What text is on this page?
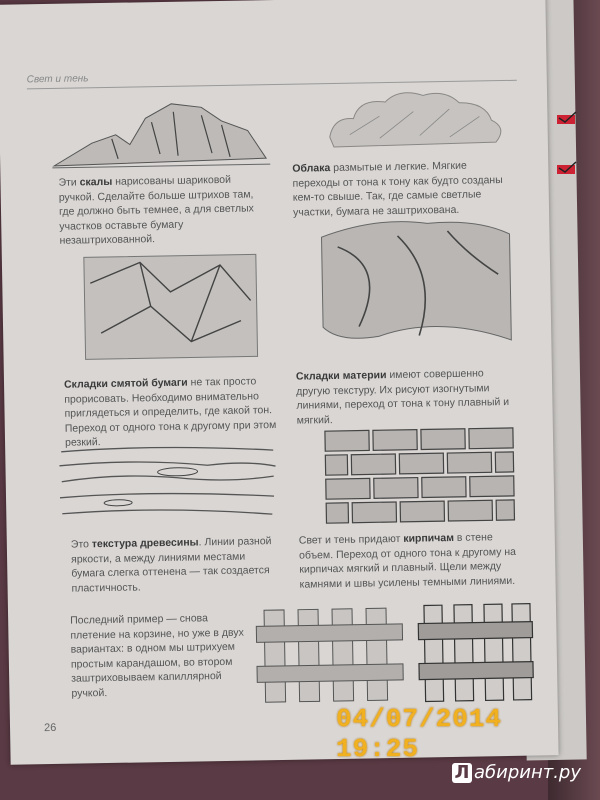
Свет и тень
Эти скалы нарисованы шариковой ручкой. Сделайте больше штрихов там, где должно быть темнее, а для светлых участков оставьте бумагу незаштрихованной.
Облака размытые и легкие. Мягкие переходы от тона к тону как будто созданы кем-то свыше. Так, где самые светлые участки, бумага не заштрихована.
Складки смятой бумаги не так просто прорисовать. Необходимо внимательно приглядеться и определить, где какой тон. Переход от одного тона к другому при этом резкий.
Складки материи имеют совершенно другую текстуру. Их рисуют изогнутыми линиями, переход от тона к тону плавный и мягкий.
Это текстура древесины. Линии разной яркости, а между линиями местами бумага слегка оттенена — так создается пластичность.
Свет и тень придают кирпичам в стене объем. Переход от одного тона к другому на кирпичах мягкий и плавный. Щели между камнями и швы усилены темными линиями.
Последний пример — снова плетение на корзине, но уже в двух вариантах: в одном мы штрихуем простым карандашом, во втором заштриховываем капиллярной ручкой.
26	04/07/2014 19:25
Л абиринт.ру
